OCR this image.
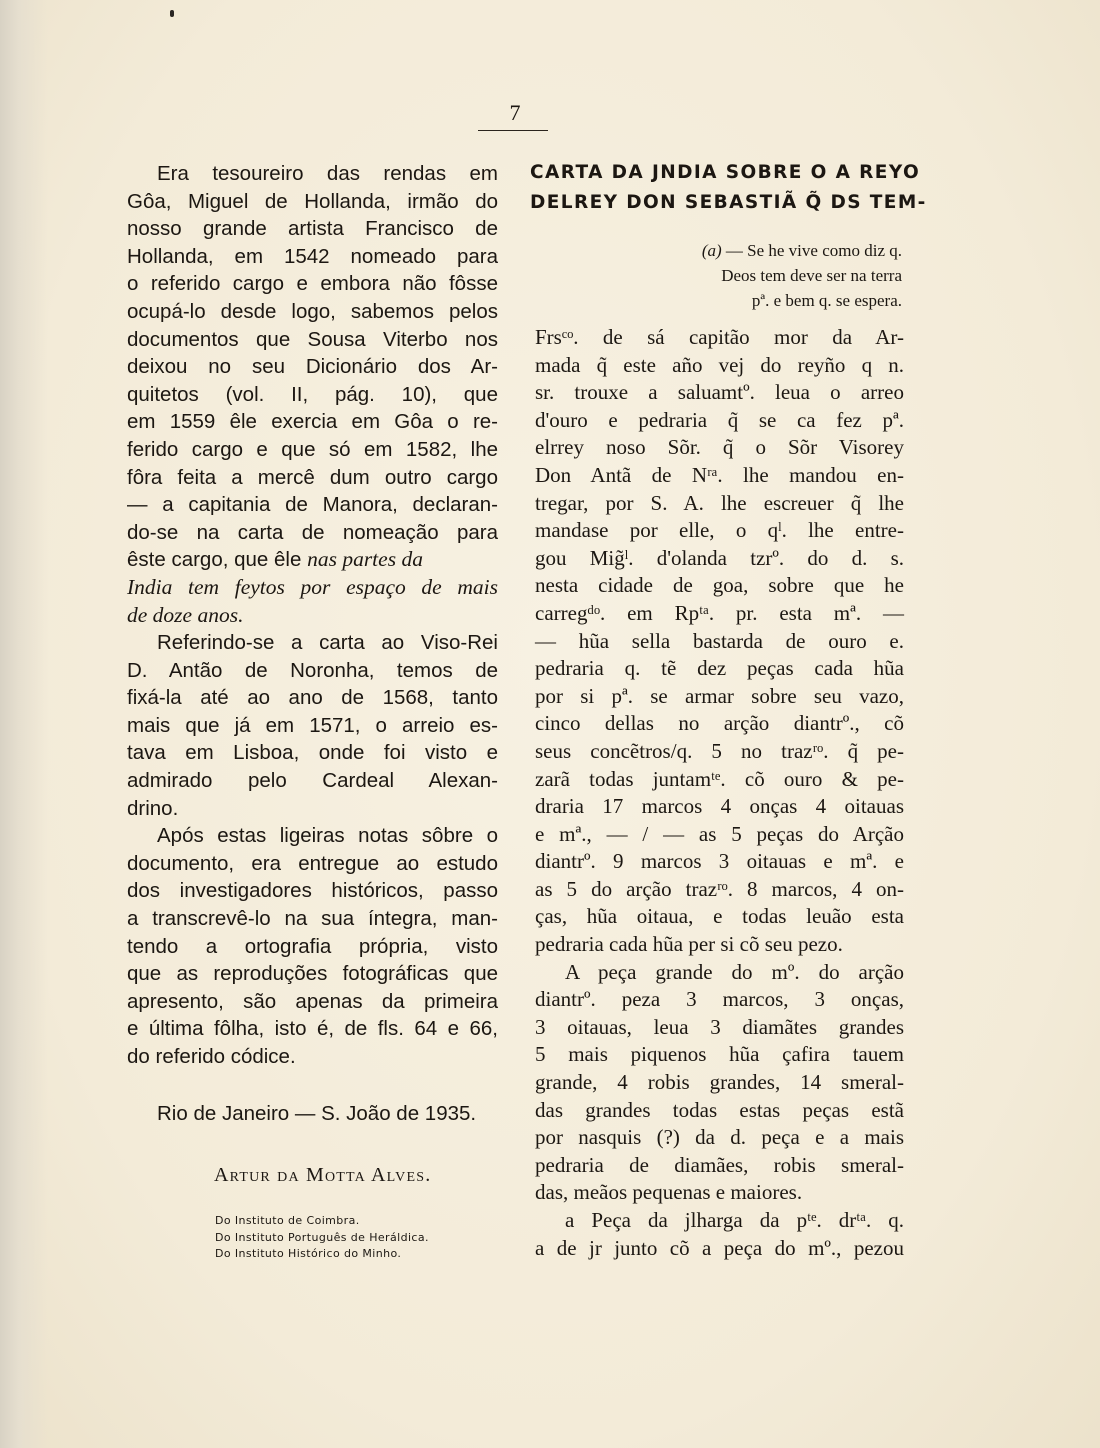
7
Era tesoureiro das rendas em
Gôa, Miguel de Hollanda, irmão do
nosso grande artista Francisco de
Hollanda, em 1542 nomeado para
o referido cargo e embora não fôsse
ocupá-lo desde logo, sabemos pelos
documentos que Sousa Viterbo nos
deixou no seu Dicionário dos Ar-
quitetos (vol. II, pág. 10), que
em 1559 êle exercia em Gôa o re-
ferido cargo e que só em 1582, lhe
fôra feita a mercê dum outro cargo
— a capitania de Manora, declaran-
do-se na carta de nomeação para
êste cargo, que êle nas partes da
India tem feytos por espaço de mais
de doze anos.
Referindo-se a carta ao Viso-Rei
D. Antão de Noronha, temos de
fixá-la até ao ano de 1568, tanto
mais que já em 1571, o arreio es-
tava em Lisboa, onde foi visto e
admirado pelo Cardeal Alexan-
drino.
Após estas ligeiras notas sôbre o
documento, era entregue ao estudo
dos investigadores históricos, passo
a transcrevê-lo na sua íntegra, man-
tendo a ortografia própria, visto
que as reproduções fotográficas que
apresento, são apenas da primeira
e última fôlha, isto é, de fls. 64 e 66,
do referido códice.
Rio de Janeiro — S. João de 1935.
Artur da Motta Alves.
Do Instituto de Coimbra.
Do Instituto Português de Heráldica.
Do Instituto Histórico do Minho.
CARTA DA JNDIA SOBRE O A REYO
DELREY DON SEBASTIÃ Q̃ DS TEM-
(a) — Se he vive como diz q.
Deos tem deve ser na terra
pª. e bem q. se espera.
Frsᶜᵒ. de sá capitão mor da Ar-
mada q̃ este año vej do reyño q n.
sr. trouxe a saluamtº. leua o arreo
d'ouro e pedraria q̃ se ca fez pª.
elrrey noso Sõr. q̃ o Sõr Visorey
Don Antã de Nʳᵃ. lhe mandou en-
tregar, por S. A. lhe escreuer q̃ lhe
mandase por elle, o qˡ. lhe entre-
gou Mig̃ˡ. d'olanda tzrº. do d. s.
nesta cidade de goa, sobre que he
carregᵈᵒ. em Rpᵗᵃ. pr. esta mª. —
— hũa sella bastarda de ouro e.
pedraria q. tẽ dez peças cada hũa
por si pª. se armar sobre seu vazo,
cinco dellas no arção diantrº., cõ
seus concẽtros/q. 5 no trazʳᵒ. q̃ pe-
zarã todas juntamᵗᵉ. cõ ouro & pe-
draria 17 marcos 4 onças 4 oitauas
e mª., — / — as 5 peças do Arção
diantrº. 9 marcos 3 oitauas e mª. e
as 5 do arção trazʳᵒ. 8 marcos, 4 on-
ças, hũa oitaua, e todas leuão esta
pedraria cada hũa per si cõ seu pezo.
A peça grande do mº. do arção
diantrº. peza 3 marcos, 3 onças,
3 oitauas, leua 3 diamãtes grandes
5 mais piquenos hũa çafira tauem
grande, 4 robis grandes, 14 smeral-
das grandes todas estas peças estã
por nasquis (?) da d. peça e a mais
pedraria de diamães, robis smeral-
das, meãos pequenas e maiores.
a Peça da jlharga da pᵗᵉ. drᵗᵃ. q.
a de jr junto cõ a peça do mº., pezou
